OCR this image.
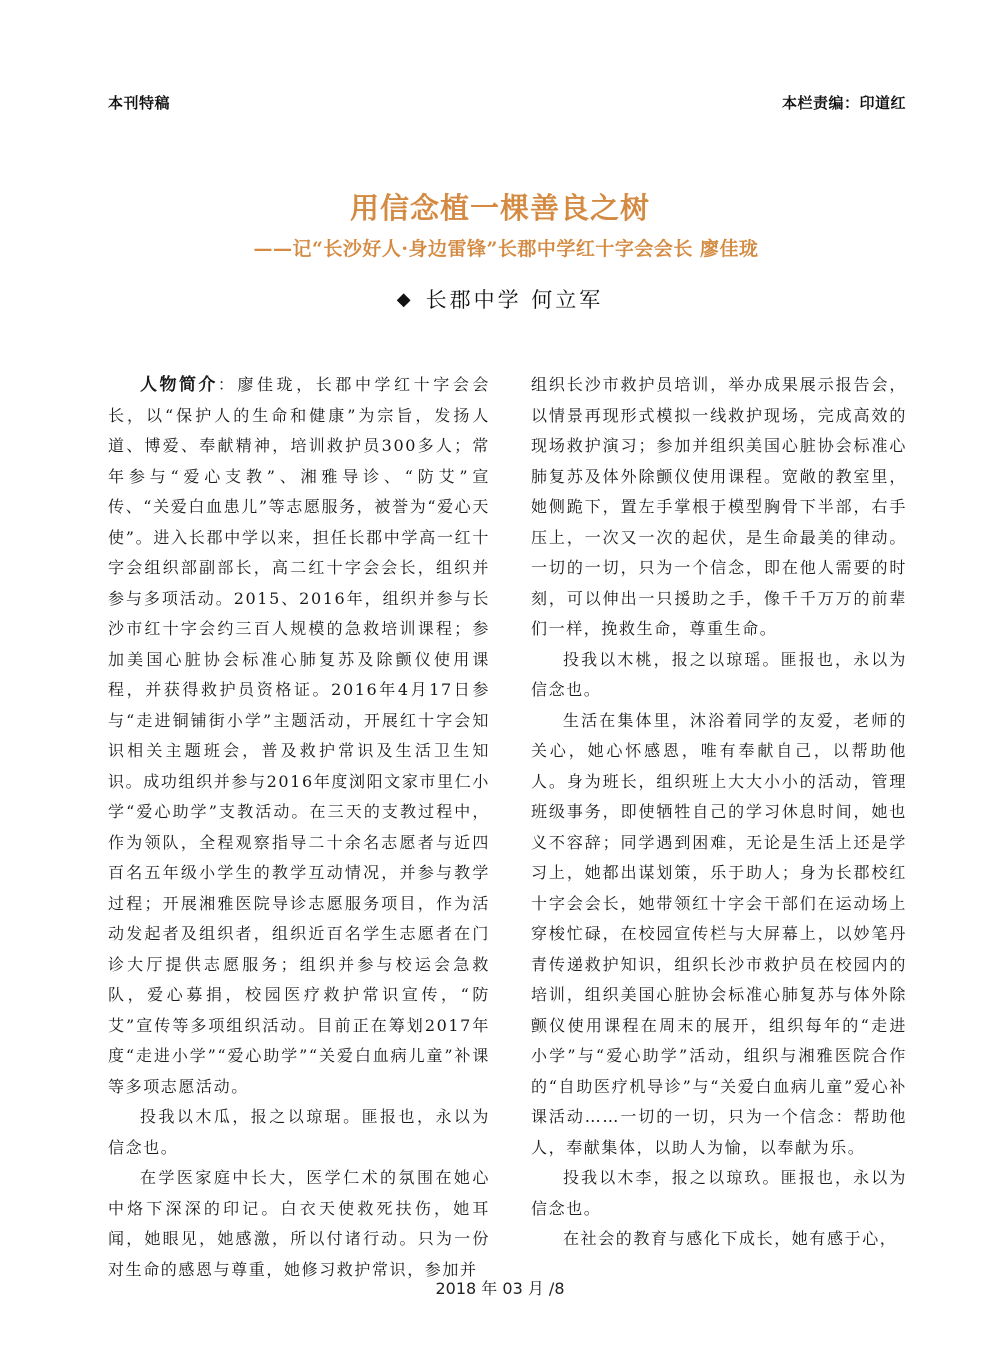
本刊特稿	本栏责编：印道红
用信念植一棵善良之树
——记“长沙好人·身边雷锋”长郡中学红十字会会长 廖佳珑
◆ 长郡中学 何立军

人物简介：廖佳珑，长郡中学红十字会会长，以“保护人的生命和健康”为宗旨，发扬人道、博爱、奉献精神，培训救护员300多人；常年参与“爱心支教”、湘雅导诊、“防艾”宣传、“关爱白血患儿”等志愿服务，被誉为“爱心天使”。进入长郡中学以来，担任长郡中学高一红十字会组织部副部长，高二红十字会会长，组织并参与多项活动。2015、2016年，组织并参与长沙市红十字会约三百人规模的急救培训课程；参加美国心脏协会标准心肺复苏及除颤仪使用课程，并获得救护员资格证。2016年4月17日参与“走进铜铺街小学”主题活动，开展红十字会知识相关主题班会，普及救护常识及生活卫生知识。成功组织并参与2016年度浏阳文家市里仁小学“爱心助学”支教活动。在三天的支教过程中，作为领队，全程观察指导二十余名志愿者与近四百名五年级小学生的教学互动情况，并参与教学过程；开展湘雅医院导诊志愿服务项目，作为活动发起者及组织者，组织近百名学生志愿者在门诊大厅提供志愿服务；组织并参与校运会急救队，爱心募捐，校园医疗救护常识宣传，“防艾”宣传等多项组织活动。目前正在筹划2017年度“走进小学”“爱心助学”“关爱白血病儿童”补课等多项志愿活动。

投我以木瓜，报之以琼琚。匪报也，永以为信念也。

在学医家庭中长大，医学仁术的氛围在她心中烙下深深的印记。白衣天使救死扶伤，她耳闻，她眼见，她感激，所以付诸行动。只为一份对生命的感恩与尊重，她修习救护常识，参加并

组织长沙市救护员培训，举办成果展示报告会，以情景再现形式模拟一线救护现场，完成高效的现场救护演习；参加并组织美国心脏协会标准心肺复苏及体外除颤仪使用课程。宽敞的教室里，她侧跪下，置左手掌根于模型胸骨下半部，右手压上，一次又一次的起伏，是生命最美的律动。一切的一切，只为一个信念，即在他人需要的时刻，可以伸出一只援助之手，像千千万万的前辈们一样，挽救生命，尊重生命。

投我以木桃，报之以琼瑶。匪报也，永以为信念也。

生活在集体里，沐浴着同学的友爱，老师的关心，她心怀感恩，唯有奉献自己，以帮助他人。身为班长，组织班上大大小小的活动，管理班级事务，即使牺牲自己的学习休息时间，她也义不容辞；同学遇到困难，无论是生活上还是学习上，她都出谋划策，乐于助人；身为长郡校红十字会会长，她带领红十字会干部们在运动场上穿梭忙碌，在校园宣传栏与大屏幕上，以妙笔丹青传递救护知识，组织长沙市救护员在校园内的培训，组织美国心脏协会标准心肺复苏与体外除颤仪使用课程在周末的展开，组织每年的“走进小学”与“爱心助学”活动，组织与湘雅医院合作的“自助医疗机导诊”与“关爱白血病儿童”爱心补课活动……一切的一切，只为一个信念：帮助他人，奉献集体，以助人为愉，以奉献为乐。

投我以木李，报之以琼玖。匪报也，永以为信念也。

在社会的教育与感化下成长，她有感于心，

2018 年 03 月 /8
